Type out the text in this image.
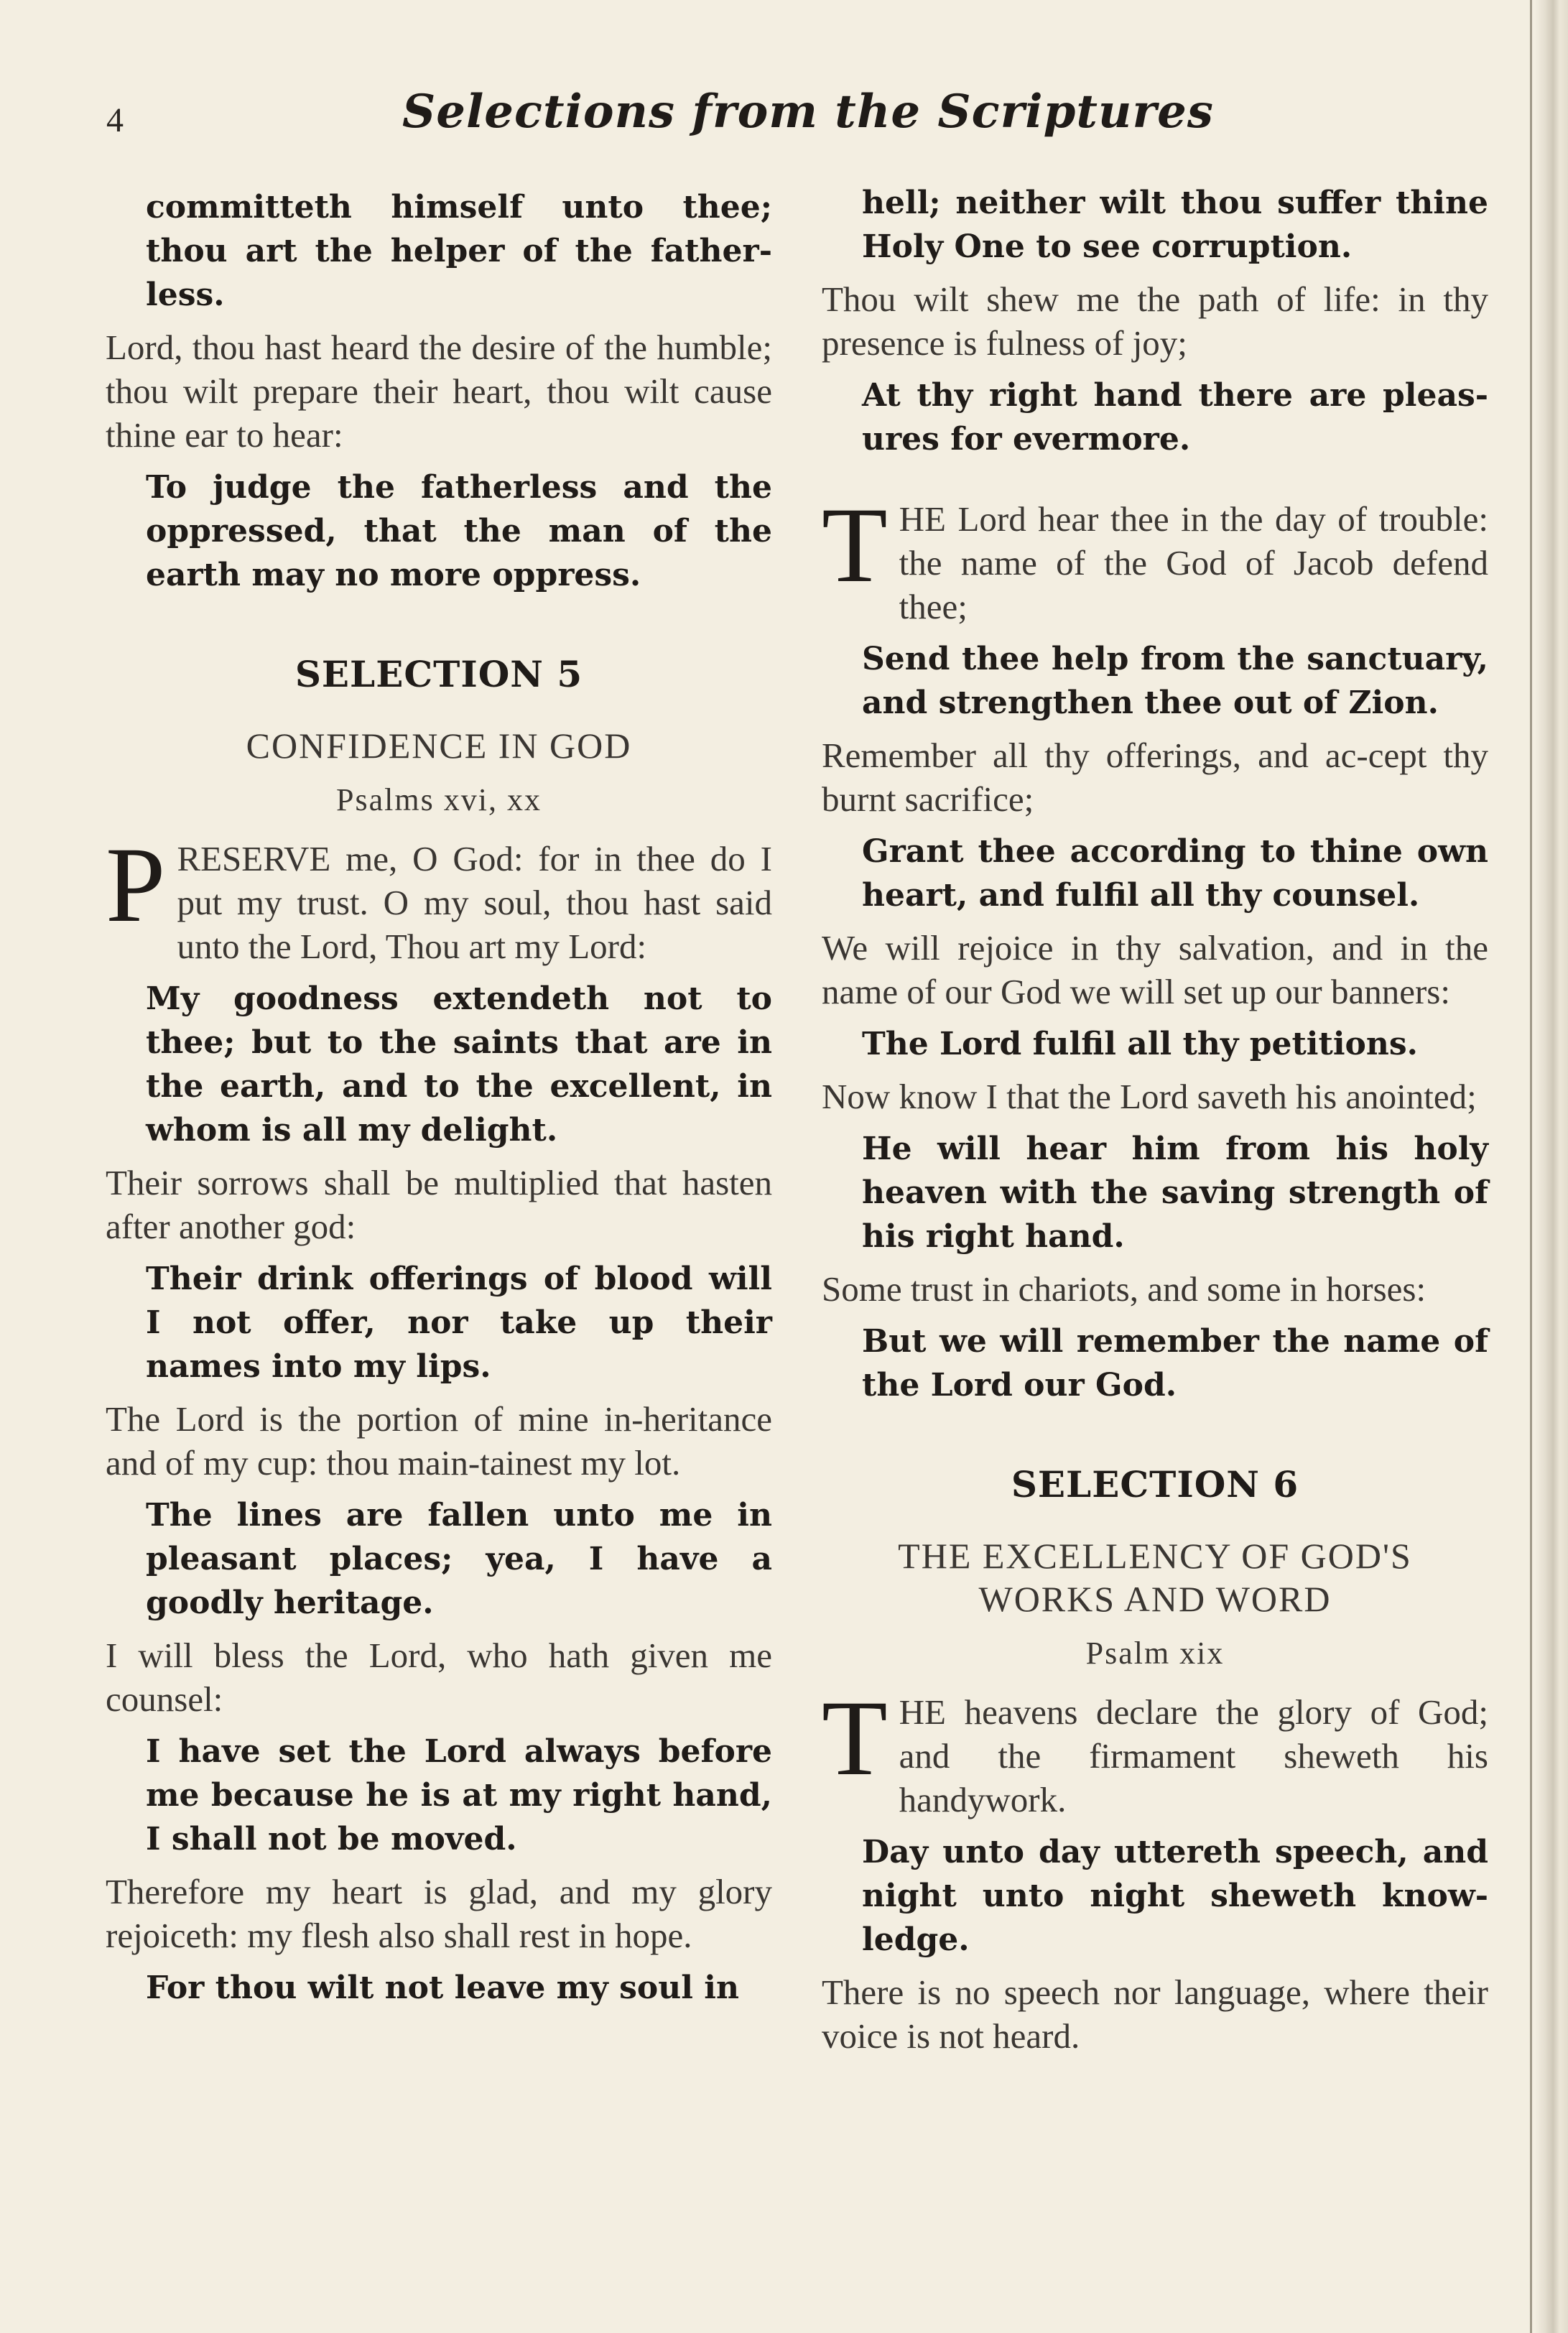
4	Selections from the Scriptures

committeth himself unto thee; thou art the helper of the father-less.

Lord, thou hast heard the desire of the humble; thou wilt prepare their heart, thou wilt cause thine ear to hear:

To judge the fatherless and the oppressed, that the man of the earth may no more oppress.

SELECTION 5
CONFIDENCE IN GOD
Psalms xvi, xx
P RESERVE me, O God: for in thee do I put my trust. O my soul, thou hast said unto the Lord, Thou art my Lord:

My goodness extendeth not to thee; but to the saints that are in the earth, and to the excellent, in whom is all my delight.

Their sorrows shall be multiplied that hasten after another god:

Their drink offerings of blood will I not offer, nor take up their names into my lips.

The Lord is the portion of mine in-heritance and of my cup: thou main-tainest my lot.

The lines are fallen unto me in pleasant places; yea, I have a goodly heritage.

I will bless the Lord, who hath given me counsel:

I have set the Lord always before me because he is at my right hand, I shall not be moved.

Therefore my heart is glad, and my glory rejoiceth: my flesh also shall rest in hope.

For thou wilt not leave my soul in

hell; neither wilt thou suffer thine Holy One to see corruption.

Thou wilt shew me the path of life: in thy presence is fulness of joy;

At thy right hand there are pleas-ures for evermore.

T HE Lord hear thee in the day of trouble: the name of the God of Jacob defend thee;

Send thee help from the sanctuary, and strengthen thee out of Zion.

Remember all thy offerings, and ac-cept thy burnt sacrifice;

Grant thee according to thine own heart, and fulfil all thy counsel.

We will rejoice in thy salvation, and in the name of our God we will set up our banners:

The Lord fulfil all thy petitions.

Now know I that the Lord saveth his anointed;

He will hear him from his holy heaven with the saving strength of his right hand.

Some trust in chariots, and some in horses:

But we will remember the name of the Lord our God.

SELECTION 6
THE EXCELLENCY OF GOD'S
WORKS AND WORD
Psalm xix
T HE heavens declare the glory of God; and the firmament sheweth his handywork.

Day unto day uttereth speech, and night unto night sheweth know-ledge.

There is no speech nor language, where their voice is not heard.
